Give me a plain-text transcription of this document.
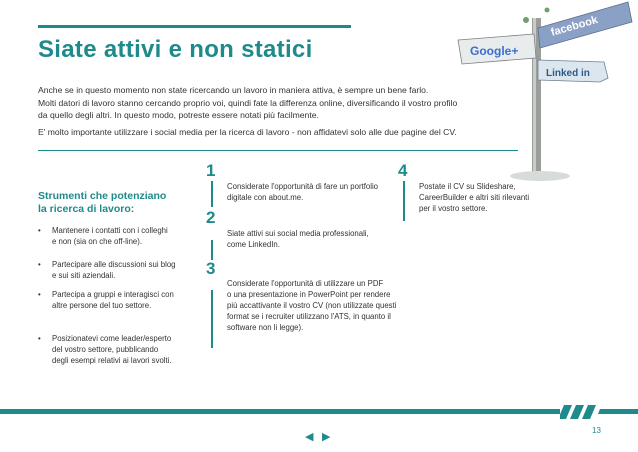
Siate attivi e non statici
Anche se in questo momento non state ricercando un lavoro in maniera attiva, è sempre un bene farlo.
Molti datori di lavoro stanno cercando proprio voi, quindi fate la differenza online, diversificando il vostro profilo
da quello degli altri. In questo modo, potreste essere notati più facilmente.
E' molto importante utilizzare i social media per la ricerca di lavoro - non affidatevi solo alle due pagine del CV.
Strumenti che potenziano
la ricerca di lavoro:
• Mantenere i contatti con i colleghi
e non (sia on che off-line).
• Partecipare alle discussioni sui blog
e sui siti aziendali.
• Partecipa a gruppi e interagisci con
altre persone del tuo settore.
• Posizionatevi come leader/esperto
del vostro settore, pubblicando
degli esempi relativi ai lavori svolti.
1
Considerate l'opportunità di fare un portfolio
digitale con about.me.
2
Siate attivi sui social media professionali,
come LinkedIn.
3
Considerate l'opportunità di utilizzare un PDF
o una presentazione in PowerPoint per rendere
più accattivante il vostro CV (non utilizzate questi
format se i recruiter utilizzano l'ATS, in quanto il
software non li legge).
4
Postate il CV su Slideshare,
CareerBuilder e altri siti rilevanti
per il vostro settore.
Google+
facebook
Linked in
◀ ▶
13
